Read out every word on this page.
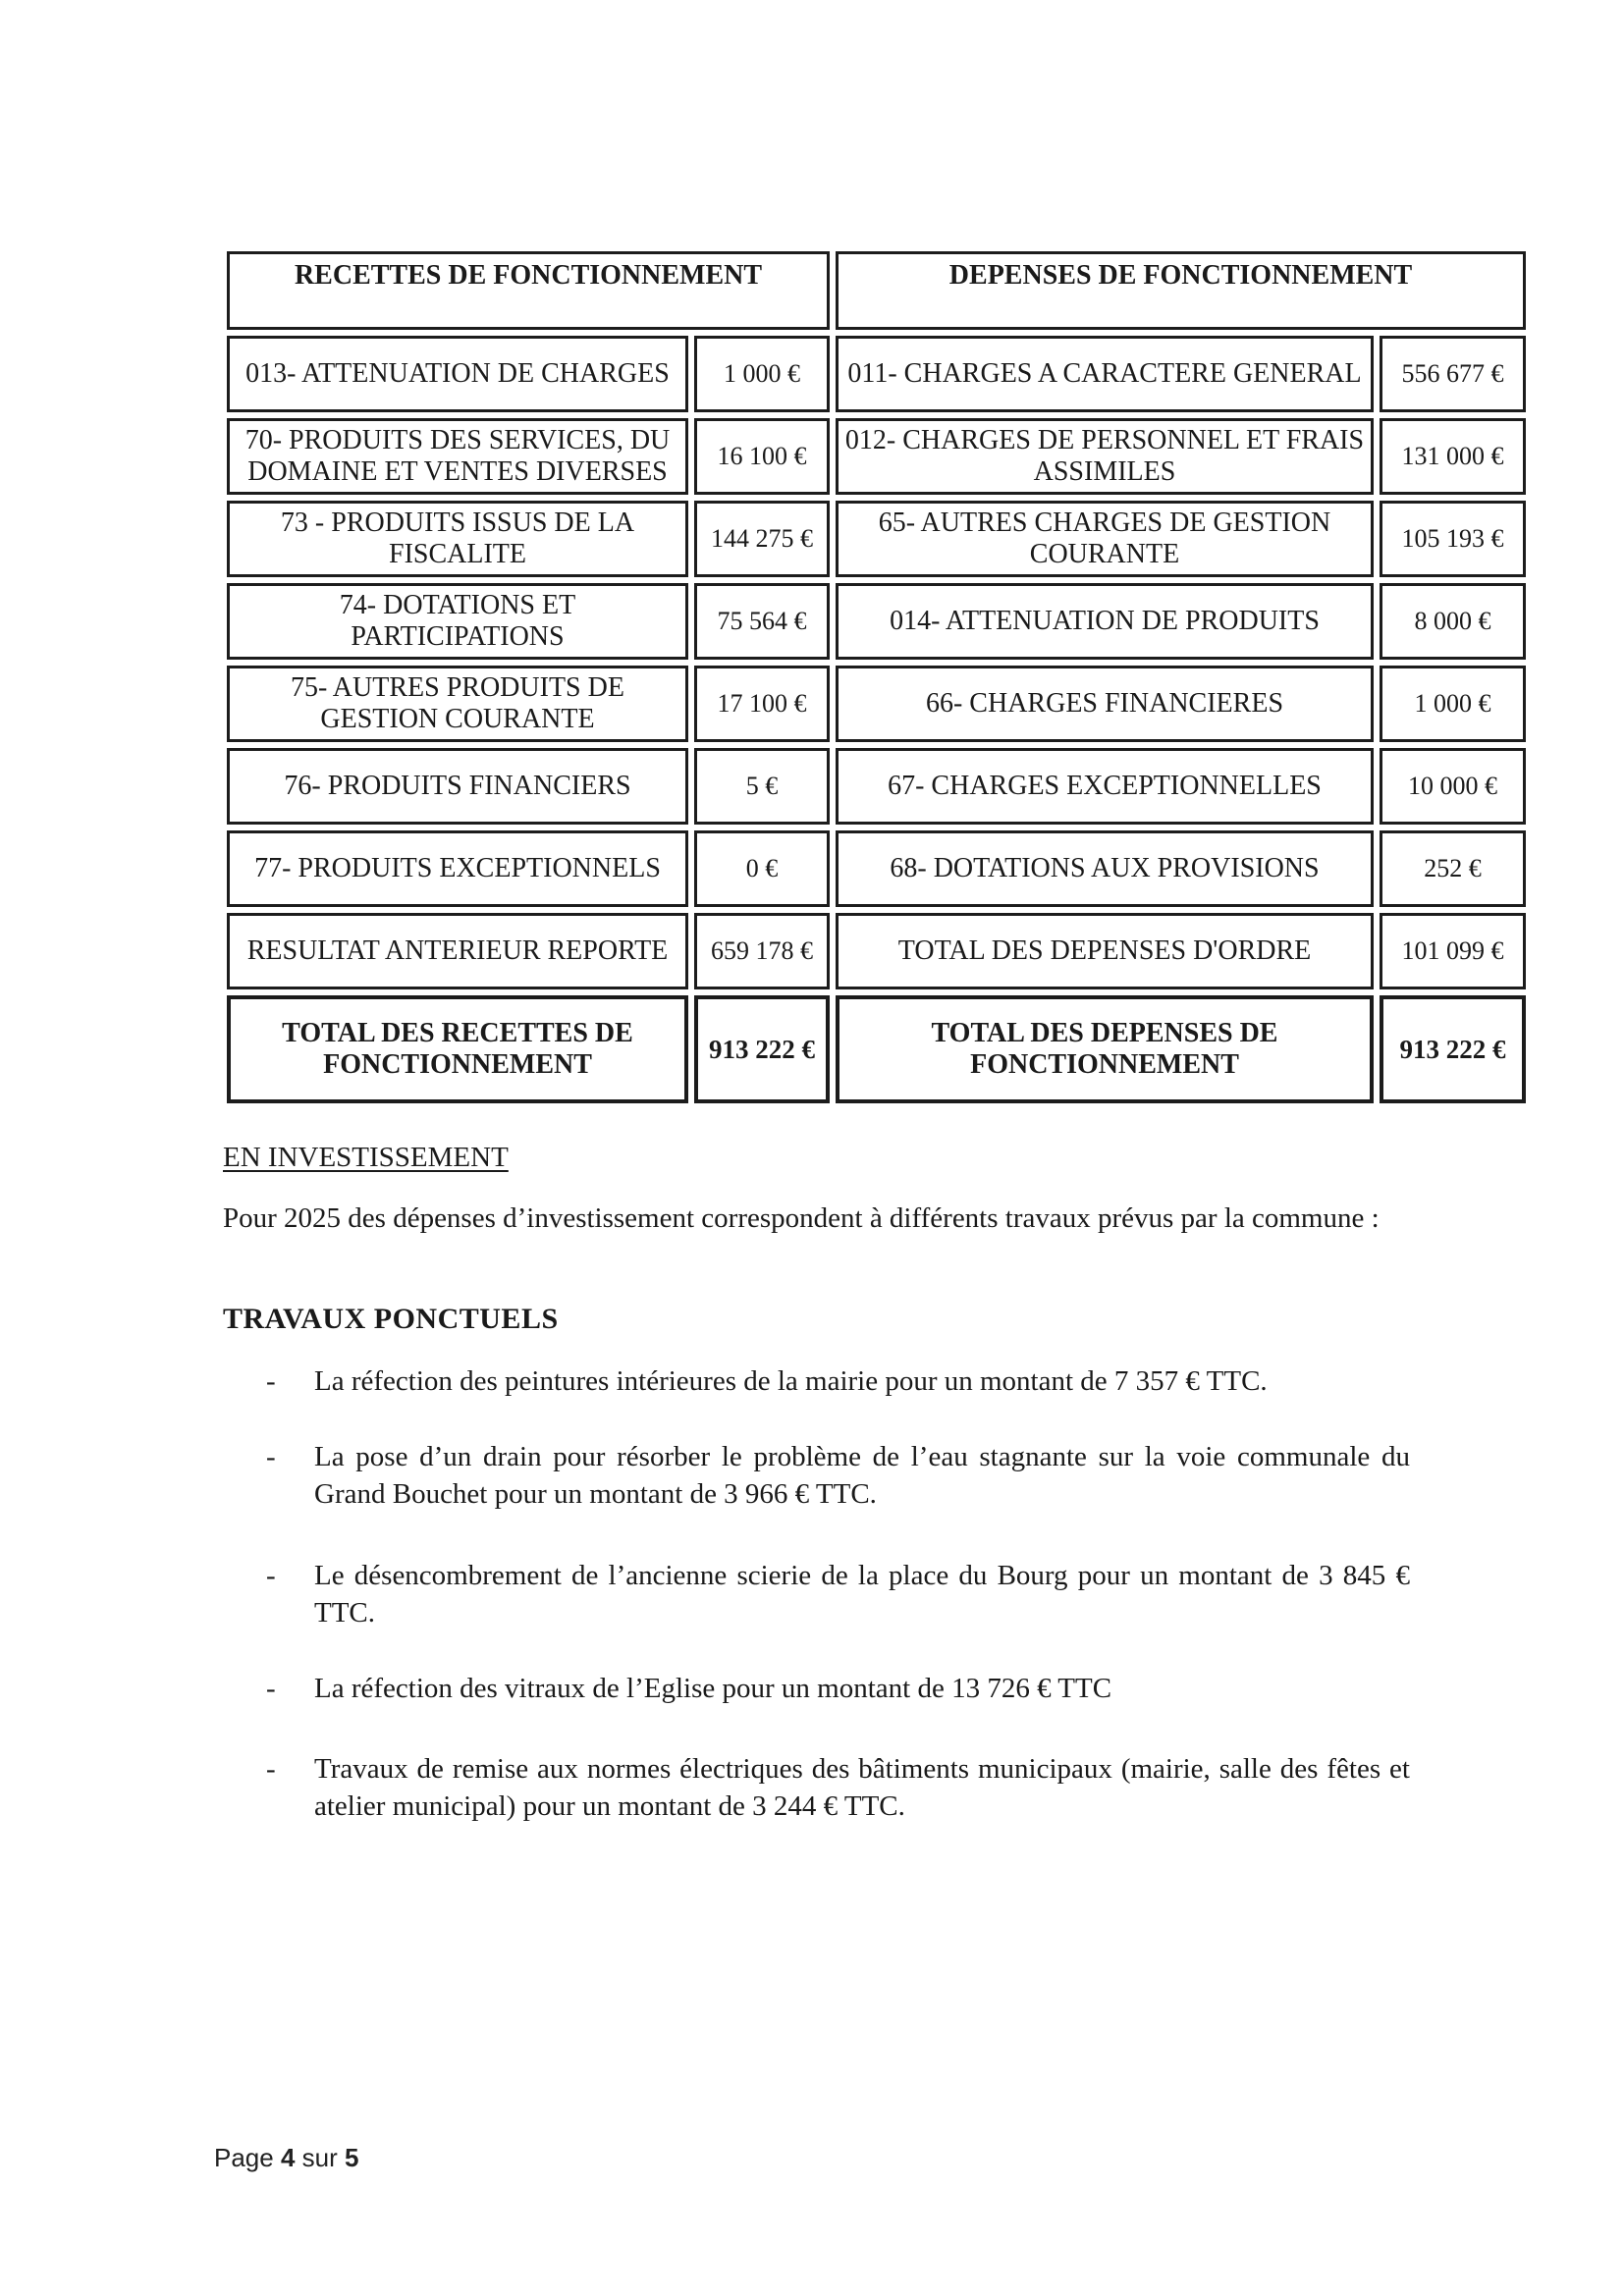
RECETTES DE FONCTIONNEMENT		DEPENSES DE FONCTIONNEMENT	
013- ATTENUATION DE CHARGES	1 000 €	011- CHARGES A CARACTERE GENERAL	556 677 €
70- PRODUITS DES SERVICES, DU DOMAINE ET VENTES DIVERSES	16 100 €	012- CHARGES DE PERSONNEL ET FRAIS ASSIMILES	131 000 €
73 - PRODUITS ISSUS DE LA FISCALITE	144 275 €	65- AUTRES CHARGES DE GESTION COURANTE	105 193 €
74- DOTATIONS ET PARTICIPATIONS	75 564 €	014- ATTENUATION DE PRODUITS	8 000 €
75- AUTRES PRODUITS DE GESTION COURANTE	17 100 €	66- CHARGES FINANCIERES	1 000 €
76- PRODUITS FINANCIERS	5 €	67- CHARGES EXCEPTIONNELLES	10 000 €
77- PRODUITS EXCEPTIONNELS	0 €	68- DOTATIONS AUX PROVISIONS	252 €
RESULTAT ANTERIEUR REPORTE	659 178 €	TOTAL DES DEPENSES D'ORDRE	101 099 €
TOTAL DES RECETTES DE FONCTIONNEMENT	913 222 €	TOTAL DES DEPENSES DE FONCTIONNEMENT	913 222 €
EN INVESTISSEMENT

Pour 2025 des dépenses d’investissement correspondent à différents travaux prévus par la commune :

TRAVAUX PONCTUELS
- La réfection des peintures intérieures de la mairie pour un montant de 7 357 € TTC.
- La pose d’un drain pour résorber le problème de l’eau stagnante sur la voie communale du Grand Bouchet pour un montant de 3 966 € TTC.
- Le désencombrement de l’ancienne scierie de la place du Bourg pour un montant de 3 845 € TTC.
- La réfection des vitraux de l’Eglise pour un montant de 13 726 € TTC
- Travaux de remise aux normes électriques des bâtiments municipaux (mairie, salle des fêtes et atelier municipal) pour un montant de 3 244 € TTC.
Page 4 sur 5
